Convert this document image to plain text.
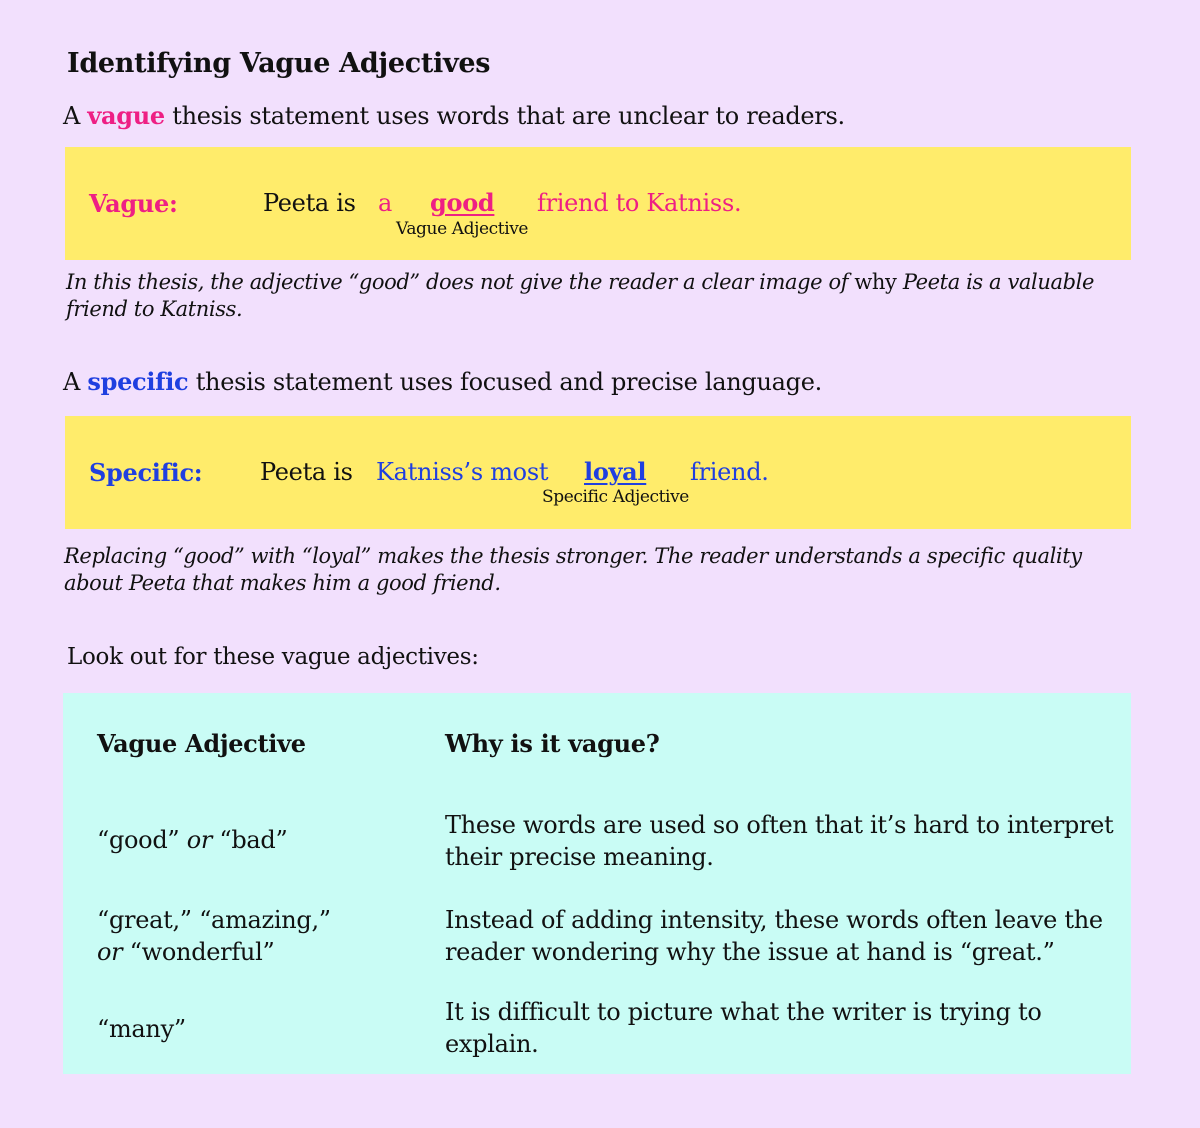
Identifying Vague Adjectives
A vague thesis statement uses words that are unclear to readers.
Vague:	Peeta is a good friend to Katniss.
Vague Adjective
In this thesis, the adjective “good” does not give the reader a clear image of why Peeta is a valuable friend to Katniss.
A specific thesis statement uses focused and precise language.
Specific: Peeta is Katniss’s most loyal friend.
Specific Adjective
Replacing “good” with “loyal” makes the thesis stronger. The reader understands a specific quality about Peeta that makes him a good friend.
Look out for these vague adjectives:
Vague Adjective	Why is it vague?
“good” or “bad”
These words are used so often that it’s hard to interpret their precise meaning.
“great,” “amazing,”
or “wonderful”
Instead of adding intensity, these words often leave the reader wondering why the issue at hand is “great.”
“many”
It is difficult to picture what the writer is trying to explain.
